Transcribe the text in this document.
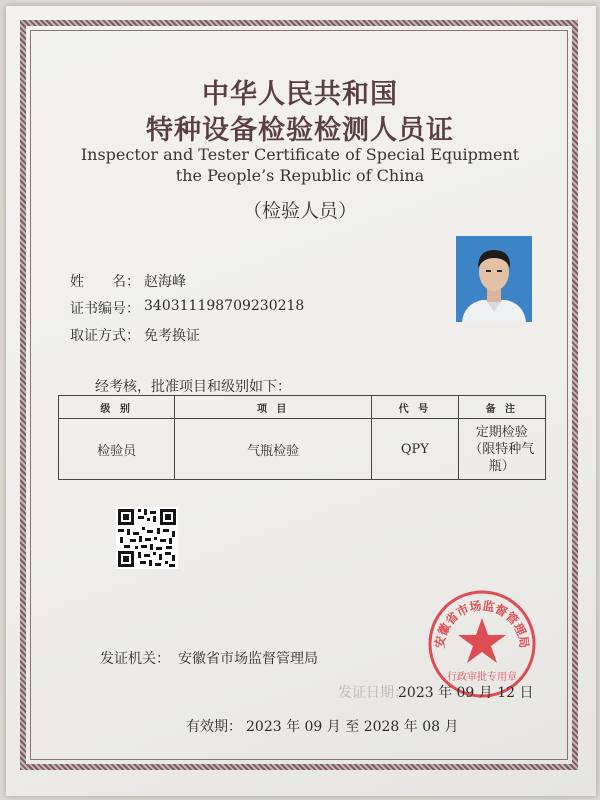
中华人民共和国
特种设备检验检测人员证
Inspector and Tester Certificate of Special Equipment
the People’s Republic of China
（检验人员）
姓　　名： 赵海峰
证书编号： 340311198709230218
取证方式： 免考换证
经考核，批准项目和级别如下：
级 别	项 目	代 号	备 注
检验员	气瓶检验	QPY	定期检验
（限特种气
瓶）
发证机关： 安徽省市场监督管理局
安徽省市场监督管理局
行政审批专用章
发证日期：
2023 年 09 月 12 日
有效期： 2023 年 09 月 至 2028 年 08 月
